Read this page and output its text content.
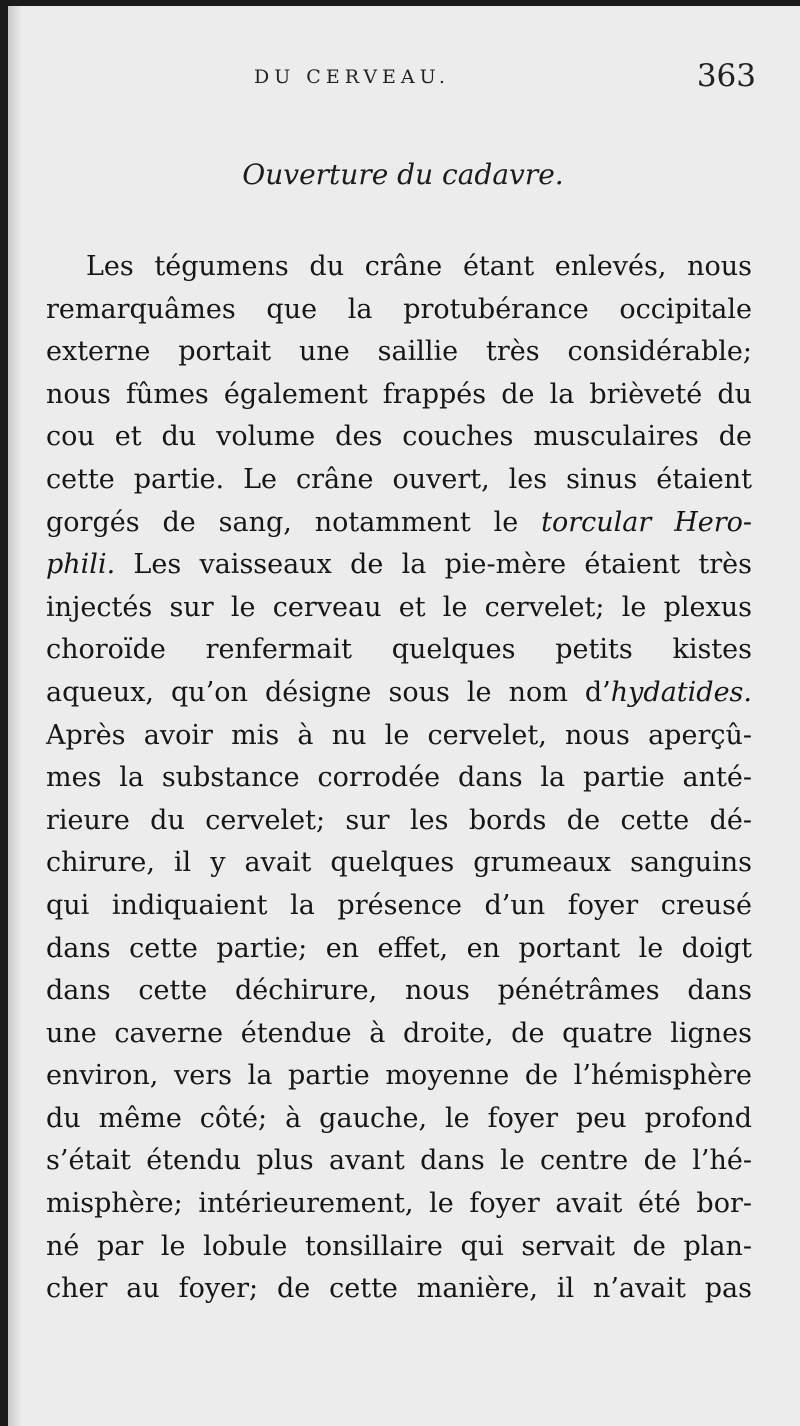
DU CERVEAU.	363
Ouverture du cadavre.
Les tégumens du crâne étant enlevés, nous
remarquâmes que la protubérance occipitale
externe portait une saillie très considérable;
nous fûmes également frappés de la brièveté du
cou et du volume des couches musculaires de
cette partie. Le crâne ouvert, les sinus étaient
gorgés de sang, notamment le torcular Hero-
phili. Les vaisseaux de la pie-mère étaient très
injectés sur le cerveau et le cervelet; le plexus
choroïde renfermait quelques petits kistes
aqueux, qu’on désigne sous le nom d’hydatides.
Après avoir mis à nu le cervelet, nous aperçû-
mes la substance corrodée dans la partie anté-
rieure du cervelet; sur les bords de cette dé-
chirure, il y avait quelques grumeaux sanguins
qui indiquaient la présence d’un foyer creusé
dans cette partie; en effet, en portant le doigt
dans cette déchirure, nous pénétrâmes dans
une caverne étendue à droite, de quatre lignes
environ, vers la partie moyenne de l’hémisphère
du même côté; à gauche, le foyer peu profond
s’était étendu plus avant dans le centre de l’hé-
misphère; intérieurement, le foyer avait été bor-
né par le lobule tonsillaire qui servait de plan-
cher au foyer; de cette manière, il n’avait pas
